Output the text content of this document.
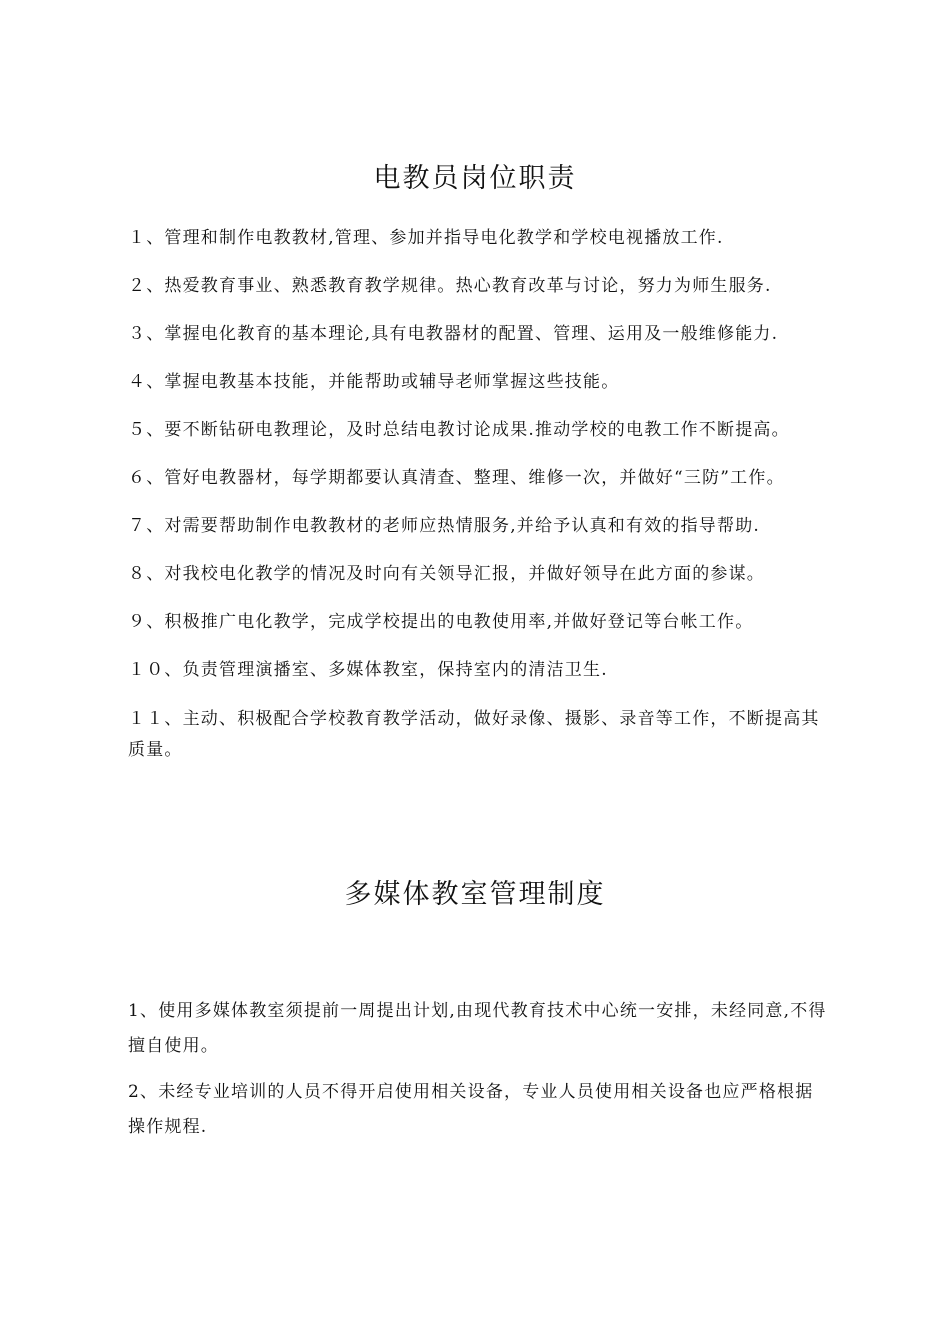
电教员岗位职责
１、管理和制作电教教材,管理、参加并指导电化教学和学校电视播放工作.
２、热爱教育事业、熟悉教育教学规律。热心教育改革与讨论，努力为师生服务.
３、掌握电化教育的基本理论,具有电教器材的配置、管理、运用及一般维修能力.
４、掌握电教基本技能，并能帮助或辅导老师掌握这些技能。
５、要不断钻研电教理论，及时总结电教讨论成果.推动学校的电教工作不断提高。
６、管好电教器材，每学期都要认真清查、整理、维修一次，并做好“三防”工作。
７、对需要帮助制作电教教材的老师应热情服务,并给予认真和有效的指导帮助.
８、对我校电化教学的情况及时向有关领导汇报，并做好领导在此方面的参谋。
９、积极推广电化教学，完成学校提出的电教使用率,并做好登记等台帐工作。
１０、负责管理演播室、多媒体教室，保持室内的清洁卫生.
１１、主动、积极配合学校教育教学活动，做好录像、摄影、录音等工作，不断提高其质量。
多媒体教室管理制度
1、使用多媒体教室须提前一周提出计划,由现代教育技术中心统一安排，未经同意,不得擅自使用。
2、未经专业培训的人员不得开启使用相关设备，专业人员使用相关设备也应严格根据操作规程.
